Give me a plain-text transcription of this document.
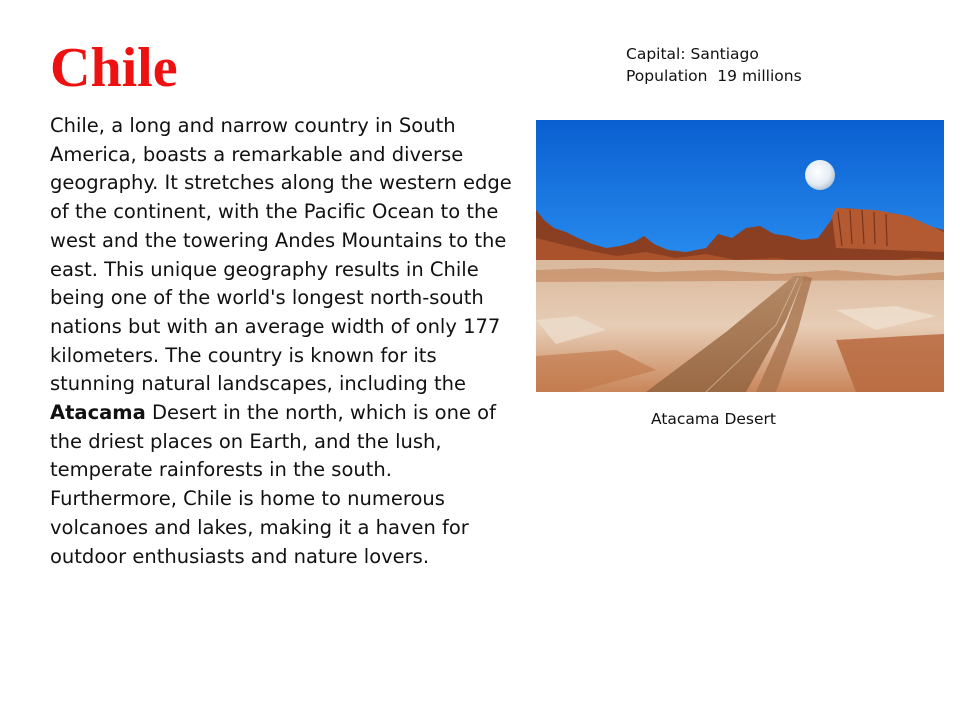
Chile	Capital: Santiago
Population  19 millions

Chile, a long and narrow country in South America, boasts a remarkable and diverse geography. It stretches along the western edge of the continent, with the Pacific Ocean to the west and the towering Andes Mountains to the east. This unique geography results in Chile being one of the world's longest north-south nations but with an average width of only 177 kilometers. The country is known for its stunning natural landscapes, including the Atacama Desert in the north, which is one of the driest places on Earth, and the lush, temperate rainforests in the south. Furthermore, Chile is home to numerous volcanoes and lakes, making it a haven for outdoor enthusiasts and nature lovers.

Atacama Desert
